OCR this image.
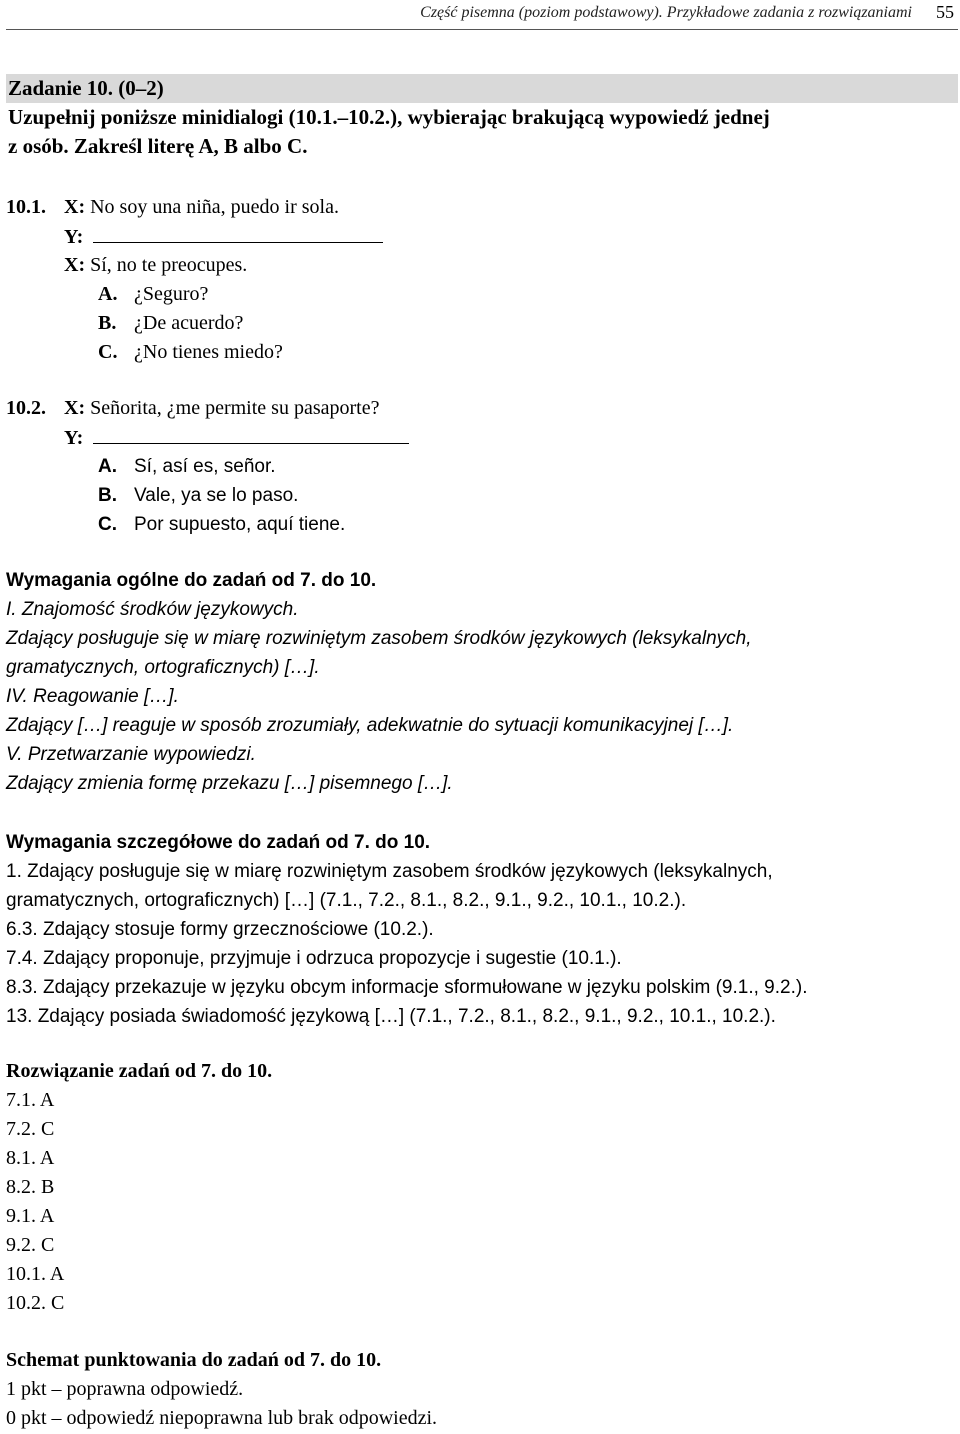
Część pisemna (poziom podstawowy). Przykładowe zadania z rozwiązaniami 55
Zadanie 10. (0–2)
Uzupełnij poniższe minidialogi (10.1.–10.2.), wybierając brakującą wypowiedź jednej
z osób. Zakreśl literę A, B albo C.
10.1. X: No soy una niña, puedo ir sola.
Y:
X: Sí, no te preocupes.
A. ¿Seguro?
B. ¿De acuerdo?
C. ¿No tienes miedo?
10.2. X: Señorita, ¿me permite su pasaporte?
Y:
A. Sí, así es, señor.
B. Vale, ya se lo paso.
C. Por supuesto, aquí tiene.
Wymagania ogólne do zadań od 7. do 10.
I. Znajomość środków językowych.
Zdający posługuje się w miarę rozwiniętym zasobem środków językowych (leksykalnych,
gramatycznych, ortograficznych) […].
IV. Reagowanie […].
Zdający […] reaguje w sposób zrozumiały, adekwatnie do sytuacji komunikacyjnej […].
V. Przetwarzanie wypowiedzi.
Zdający zmienia formę przekazu […] pisemnego […].
Wymagania szczegółowe do zadań od 7. do 10.
1. Zdający posługuje się w miarę rozwiniętym zasobem środków językowych (leksykalnych,
gramatycznych, ortograficznych) […] (7.1., 7.2., 8.1., 8.2., 9.1., 9.2., 10.1., 10.2.).
6.3. Zdający stosuje formy grzecznościowe (10.2.).
7.4. Zdający proponuje, przyjmuje i odrzuca propozycje i sugestie (10.1.).
8.3. Zdający przekazuje w języku obcym informacje sformułowane w języku polskim (9.1., 9.2.).
13. Zdający posiada świadomość językową […] (7.1., 7.2., 8.1., 8.2., 9.1., 9.2., 10.1., 10.2.).
Rozwiązanie zadań od 7. do 10.
7.1. A
7.2. C
8.1. A
8.2. B
9.1. A
9.2. C
10.1. A
10.2. C
Schemat punktowania do zadań od 7. do 10.
1 pkt – poprawna odpowiedź.
0 pkt – odpowiedź niepoprawna lub brak odpowiedzi.
